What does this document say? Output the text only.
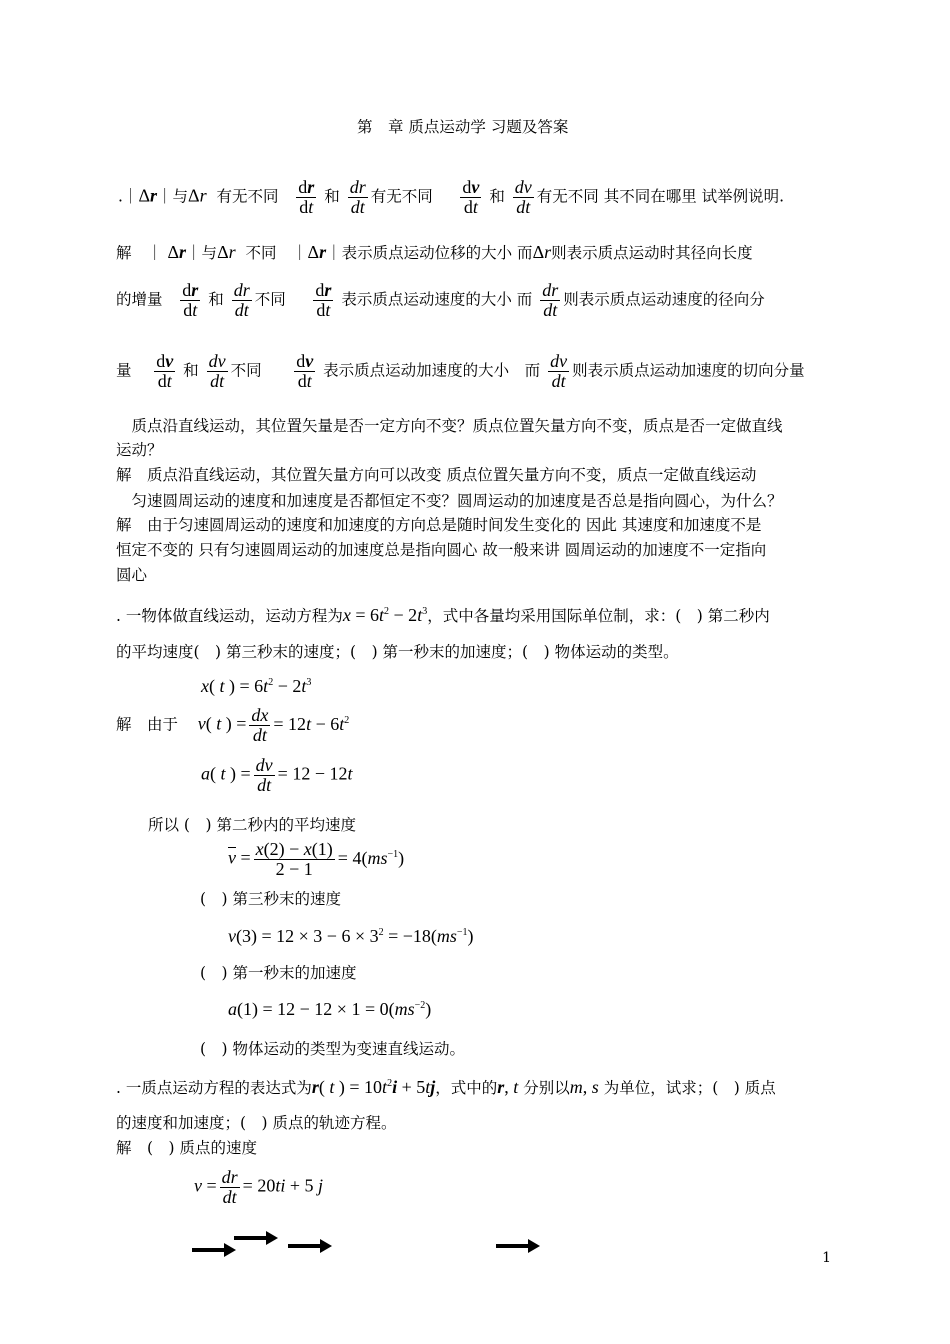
第　章 质点运动学 习题及答案
.｜Δr｜与Δr 有无不同 $\frac{dr}{dt}$ 和 $\frac{dr}{dt}$ 有无不同 $\frac{dv}{dt}$ 和 $\frac{dv}{dt}$ 有无不同 其不同在哪里 试举例说明.
解　｜ Δr｜与Δr 不同　｜Δr｜表示质点运动位移的大小 而Δr则表示质点运动时其径向长度
的增量 $\frac{dr}{dt}$ 和 $\frac{dr}{dt}$ 不同 $\frac{dr}{dt}$ 表示质点运动速度的大小 而 $\frac{dr}{dt}$ 则表示质点运动速度的径向分
量 $\frac{dv}{dt}$ 和 $\frac{dv}{dt}$ 不同 $\frac{dv}{dt}$ 表示质点运动加速度的大小　而 $\frac{dv}{dt}$ 则表示质点运动加速度的切向分量
　质点沿直线运动，其位置矢量是否一定方向不变？质点位置矢量方向不变，质点是否一定做直线
运动？
解　质点沿直线运动，其位置矢量方向可以改变 质点位置矢量方向不变，质点一定做直线运动
　匀速圆周运动的速度和加速度是否都恒定不变？圆周运动的加速度是否总是指向圆心，为什么？
解　由于匀速圆周运动的速度和加速度的方向总是随时间发生变化的 因此 其速度和加速度不是
恒定不变的 只有匀速圆周运动的加速度总是指向圆心 故一般来讲 圆周运动的加速度不一定指向
圆心
. 一物体做直线运动，运动方程为$x = 6t^2 - 2t^3$，式中各量均采用国际单位制，求：(　) 第二秒内
的平均速度(　) 第三秒末的速度；(　) 第一秒末的加速度；(　) 物体运动的类型。
x( t ) = $6t^2 - 2t^3$
解　由于 v( t ) = $\frac{dx}{dt} = 12t - 6t^2$
a( t ) = $\frac{dv}{dt} = 12 - 12t$
所以 (　) 第二秒内的平均速度
$\overline{v} = \frac{x(2) - x(1)}{2 - 1} = 4(ms^{-1})$
(　) 第三秒末的速度
$v(3) = 12 \times 3 - 6 \times 3^2 = -18(ms^{-1})$
(　) 第一秒末的加速度
$a(1) = 12 - 12 \times 1 = 0(ms^{-2})$
(　) 物体运动的类型为变速直线运动。
. 一质点运动方程的表达式为r( t ) = $10t^2i + 5tj$，式中的r, t 分别以m, s 为单位，试求；(　) 质点
的速度和加速度；(　) 质点的轨迹方程。
解　(　) 质点的速度
$v = \frac{dr}{dt} = 20ti + 5$ j
1
